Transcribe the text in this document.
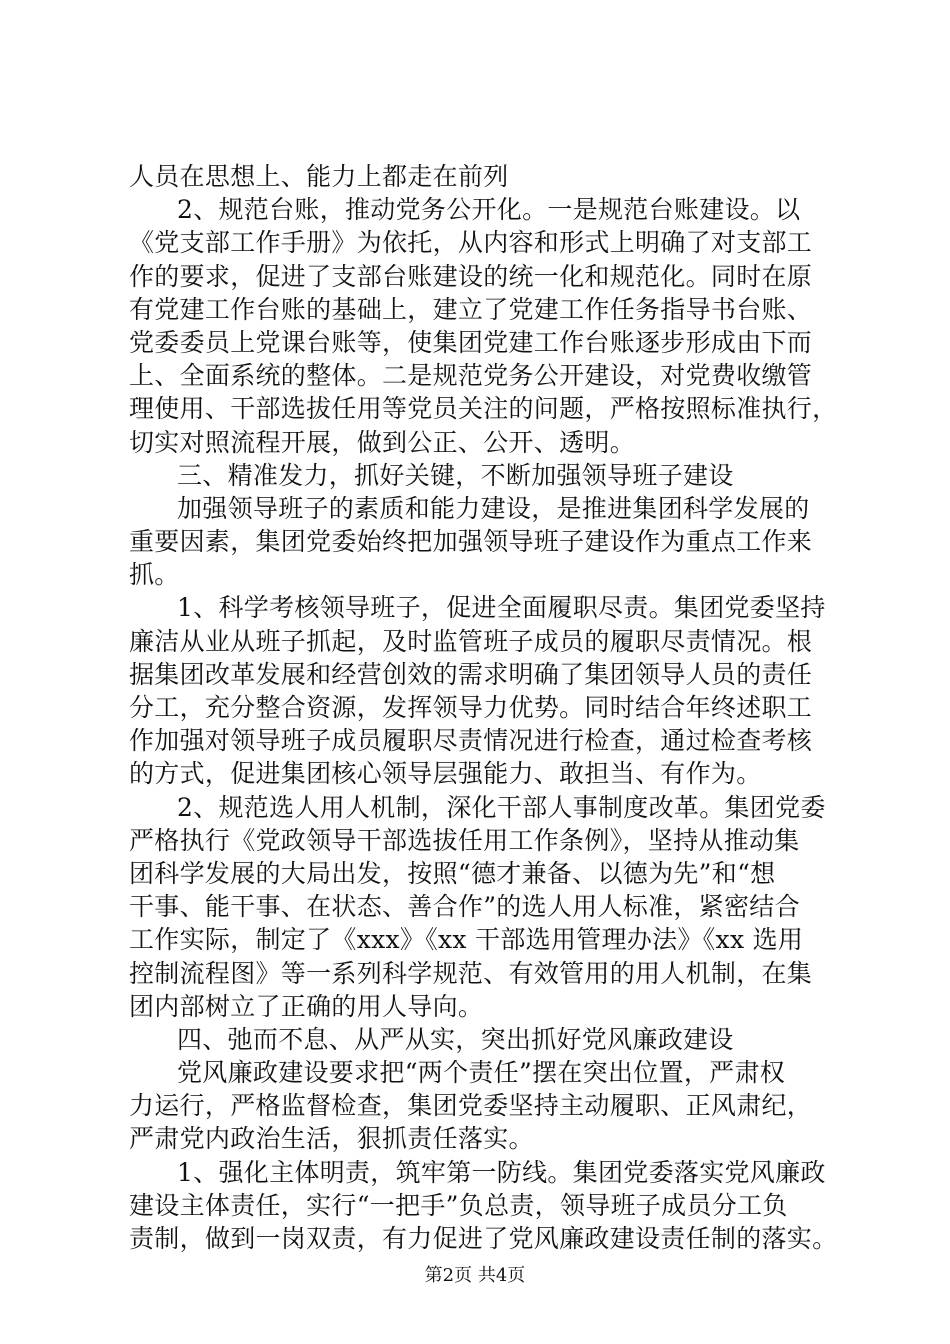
人员在思想上、能力上都走在前列
2、规范台账，推动党务公开化。一是规范台账建设。以
《党支部工作手册》为依托，从内容和形式上明确了对支部工
作的要求，促进了支部台账建设的统一化和规范化。同时在原
有党建工作台账的基础上，建立了党建工作任务指导书台账、
党委委员上党课台账等，使集团党建工作台账逐步形成由下而
上、全面系统的整体。二是规范党务公开建设，对党费收缴管
理使用、干部选拔任用等党员关注的问题，严格按照标准执行，
切实对照流程开展，做到公正、公开、透明。
三、精准发力，抓好关键，不断加强领导班子建设
加强领导班子的素质和能力建设，是推进集团科学发展的
重要因素，集团党委始终把加强领导班子建设作为重点工作来
抓。
1、科学考核领导班子，促进全面履职尽责。集团党委坚持
廉洁从业从班子抓起，及时监管班子成员的履职尽责情况。根
据集团改革发展和经营创效的需求明确了集团领导人员的责任
分工，充分整合资源，发挥领导力优势。同时结合年终述职工
作加强对领导班子成员履职尽责情况进行检查，通过检查考核
的方式，促进集团核心领导层强能力、敢担当、有作为。
2、规范选人用人机制，深化干部人事制度改革。集团党委
严格执行《党政领导干部选拔任用工作条例》，坚持从推动集
团科学发展的大局出发，按照“德才兼备、以德为先”和“想
干事、能干事、在状态、善合作”的选人用人标准，紧密结合
工作实际，制定了《xxx》《xx 干部选用管理办法》《xx 选用
控制流程图》等一系列科学规范、有效管用的用人机制，在集
团内部树立了正确的用人导向。
四、弛而不息、从严从实，突出抓好党风廉政建设
党风廉政建设要求把“两个责任”摆在突出位置，严肃权
力运行，严格监督检查，集团党委坚持主动履职、正风肃纪，
严肃党内政治生活，狠抓责任落实。
1、强化主体明责，筑牢第一防线。集团党委落实党风廉政
建设主体责任，实行“一把手”负总责，领导班子成员分工负
责制，做到一岗双责，有力促进了党风廉政建设责任制的落实。
第2页 共4页
